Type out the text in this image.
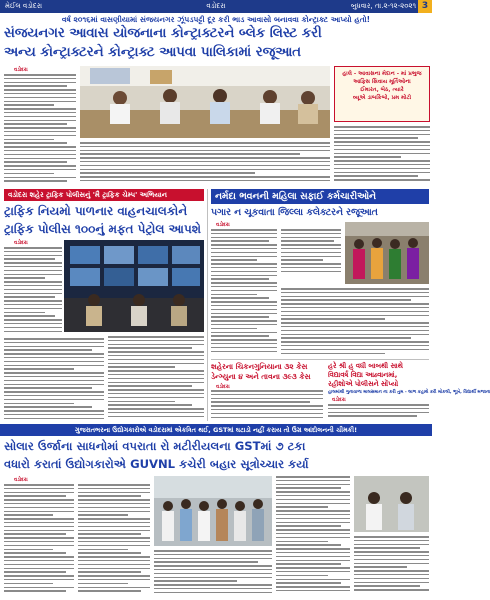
મેઈલ વડોદરા	વડોદરા	બુધવાર, તા.૨-૧૨-૨૦૨૧ 3
વર્ષ ૨૦૧૬માં વાસણીયામાં સંજયનગર ઝૂંપડપટ્ટી દૂર કરી ભાડ આવાસો બનાવવા કોન્ટ્રાક્ટ આપ્યો હતો!
સંજયનગર આવાસ યોજનાના કોન્ટ્રાક્ટરને બ્લેક લિસ્ટ કરી
અન્ય કોન્ટ્રાક્ટરને કોન્ટ્રાક્ટ આપવા પાલિકામાં રજૂઆત
વડોદરા
હાલે - આવાસના મેદાન - માં પ્રભુજ
આફિસ સિવાય મૂર્તિઓના
ઈમારત, બેઠ, ત્યારે
વ્યૂએ ડાબકિબો, પ્રમ મોટો
વડોદરા શહેર ટ્રાફિક પોલીસનું 'મૈ ટ્રાફિક ચેમ્પ' અભિયાન
ટ્રાફિક નિયમો પાળનાર વાહનચાલકોને
ટ્રાફિક પોલીસ ૧૦૦નું મફત પેટ્રોલ આપશે
વડોદરા
નર્મદા ભવનની મહિલા સફાઈ કર્મચારીઓને
પગાર ન ચૂકવાતા જિલ્લા કલેક્ટરને રજૂઆત
વડોદરા
શહેરના ચિકનગુનિયાના ૩૨ કેસ
ડેન્ગ્યુના ૪ અને તાવના ૩૯૩ કેસ
વડોદરા
હરે શ્રી હ્ વધી બાબથી સાથે
વિદ્યાવર્ષ વિદ્યા આહ્વાનમાં,
રહીશોએ પોલીસને સોંપ્યો
હાલમાંથી ગુનાવાળા માલસમાન ના કરી તુમ - લાભ કહાથે કરી મોકલી, ભૂખે, વિદ્યાર્થી મજાના
વડોદરા
ગુજરાતભરના ઉદ્યોગકારોએ વડોદરામાં એકત્રિત થઈ, GSTમાં ઘટાડો નહીં કરાય તો ઉગ્ર આંદોલનની ચીમકી!
સોલાર ઉર્જાના સાધનોમાં વપરાતા રો મટીરીયલના GSTમાં ૭ ટકા
વધારો કરાતાં ઉદ્યોગકારોએ GUVNL કચેરી બહાર સૂત્રોચ્ચાર કર્યા
વડોદરા
